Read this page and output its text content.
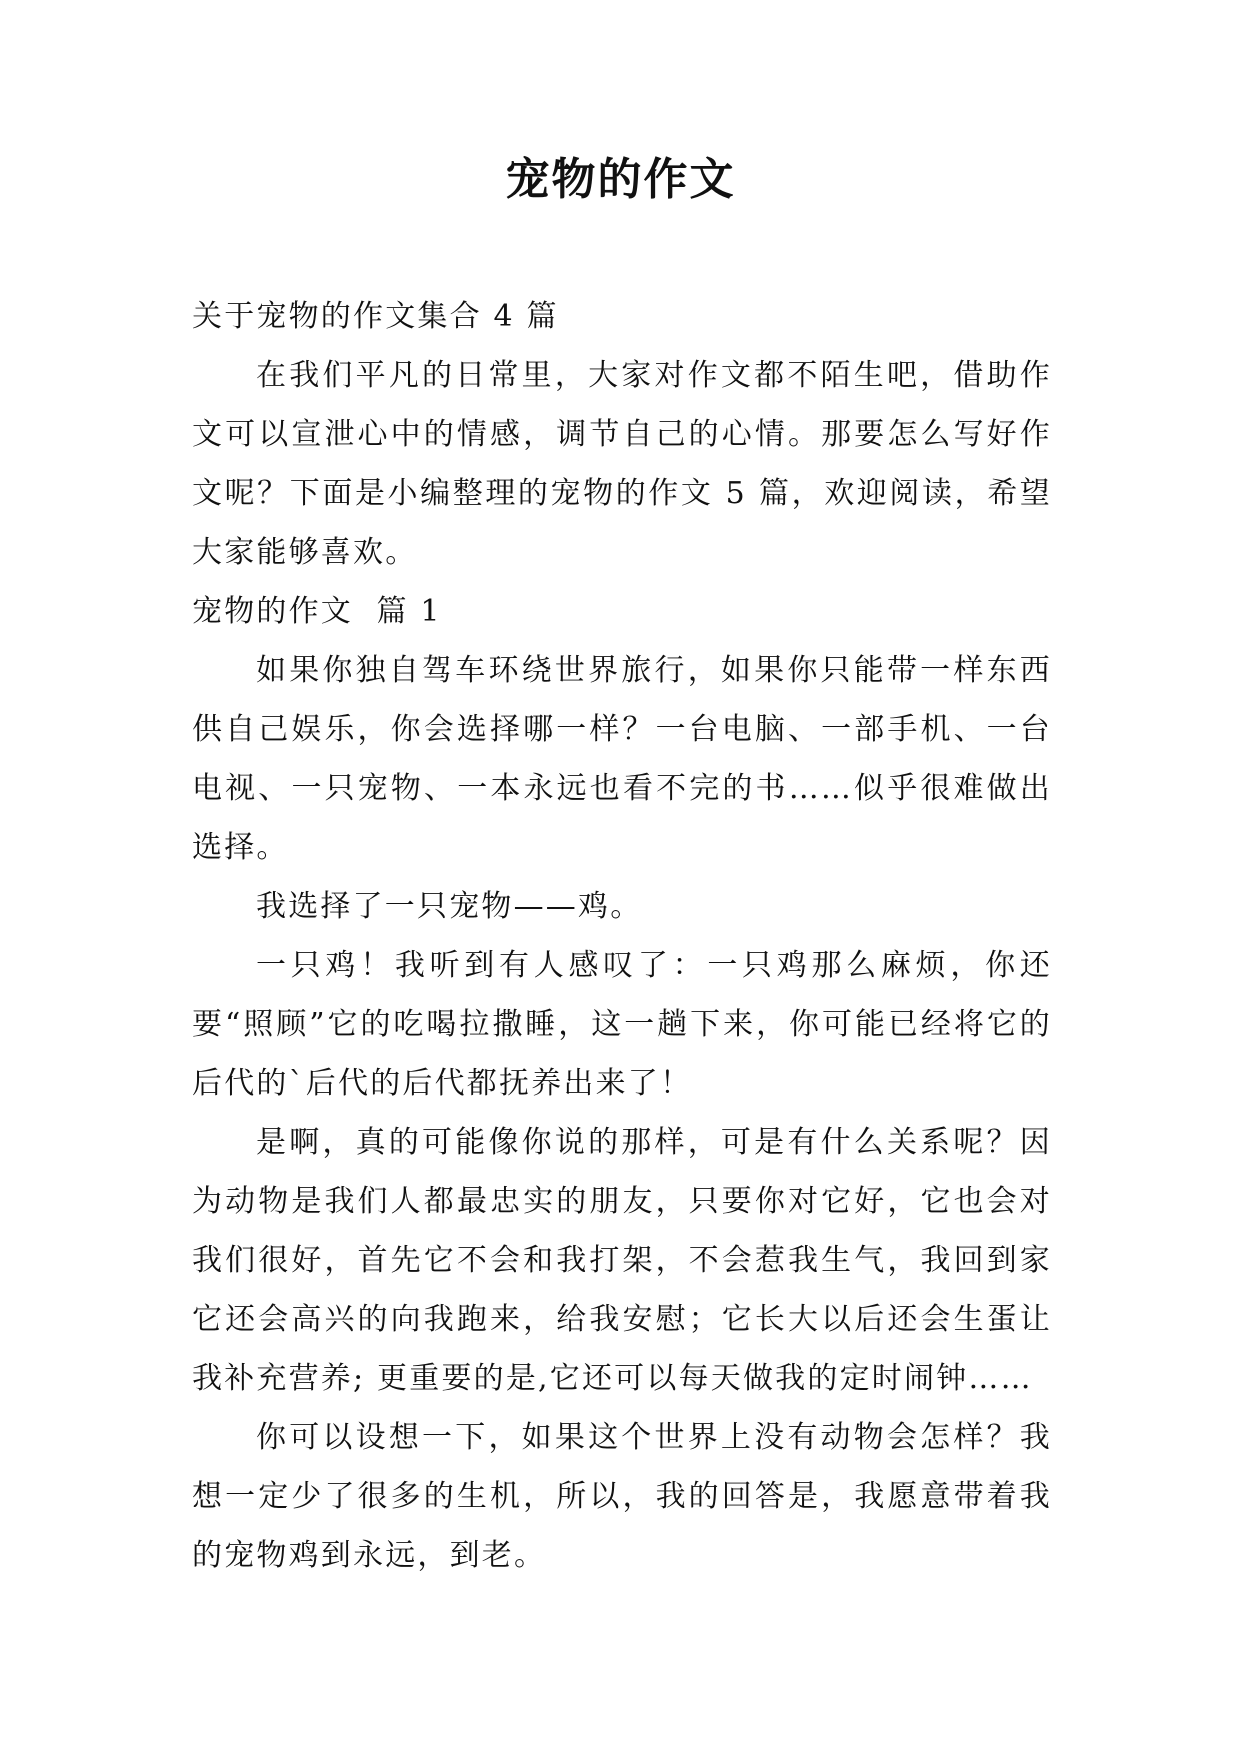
宠物的作文

关于宠物的作文集合 4 篇

在我们平凡的日常里，大家对作文都不陌生吧，借助作文可以宣泄心中的情感，调节自己的心情。那要怎么写好作文呢？下面是小编整理的宠物的作文 5 篇，欢迎阅读，希望大家能够喜欢。

宠物的作文  篇 1

如果你独自驾车环绕世界旅行，如果你只能带一样东西供自己娱乐，你会选择哪一样？一台电脑、一部手机、一台电视、一只宠物、一本永远也看不完的书……似乎很难做出选择。

我选择了一只宠物——鸡。

一只鸡！我听到有人感叹了：一只鸡那么麻烦，你还要“照顾”它的吃喝拉撒睡，这一趟下来，你可能已经将它的后代的`后代的后代都抚养出来了！

是啊，真的可能像你说的那样，可是有什么关系呢？因为动物是我们人都最忠实的朋友，只要你对它好，它也会对我们很好，首先它不会和我打架，不会惹我生气，我回到家它还会高兴的向我跑来，给我安慰；它长大以后还会生蛋让我补充营养; 更重要的是,它还可以每天做我的定时闹钟……

你可以设想一下，如果这个世界上没有动物会怎样？我想一定少了很多的生机，所以，我的回答是，我愿意带着我的宠物鸡到永远，到老。
